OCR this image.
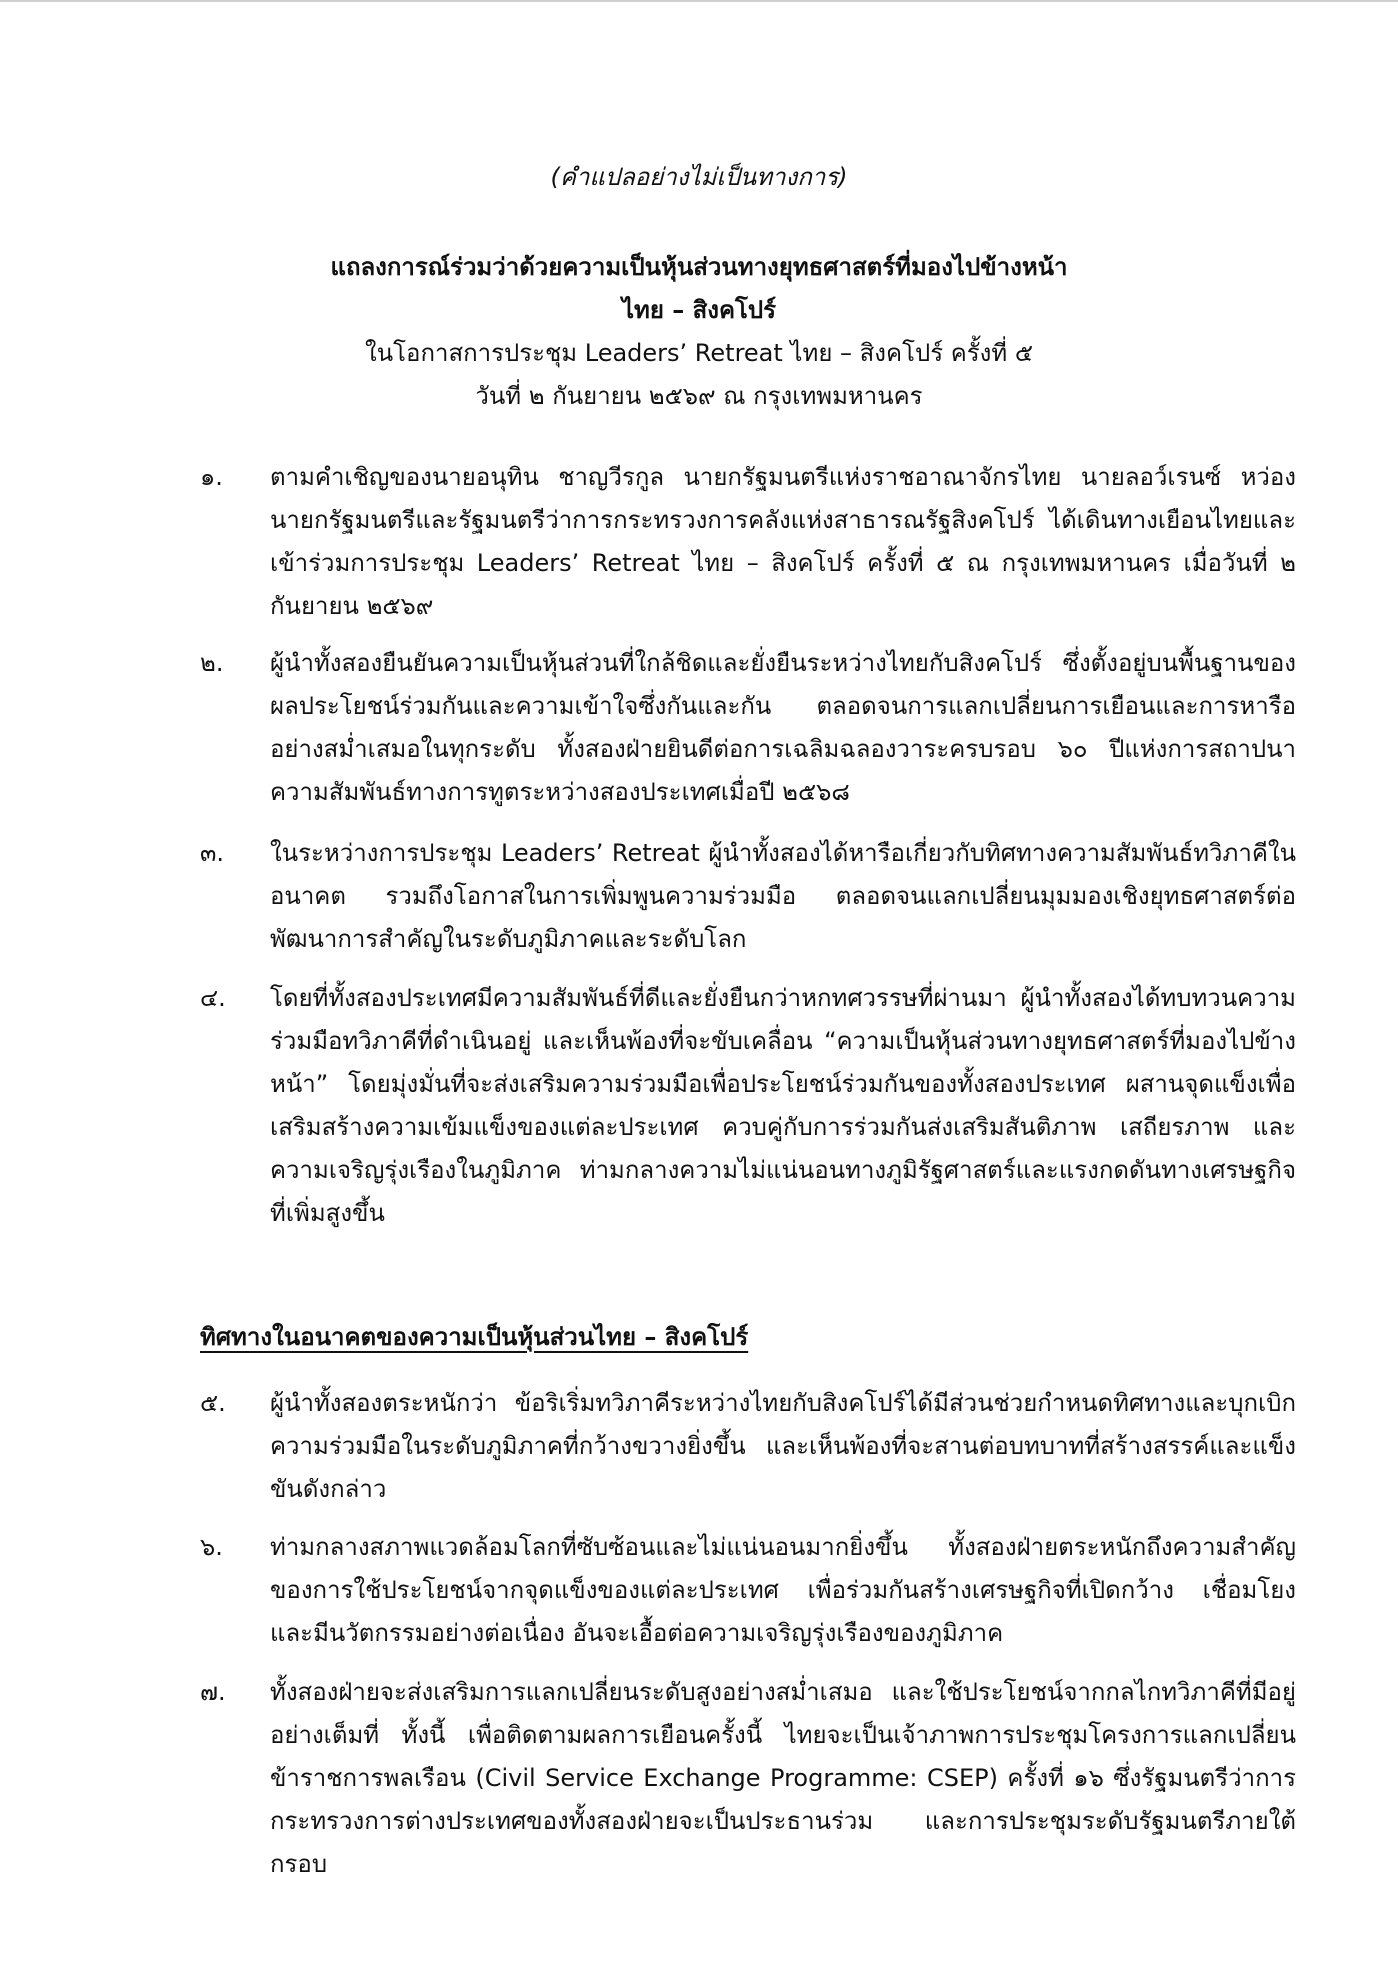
(คำแปลอย่างไม่เป็นทางการ)
แถลงการณ์ร่วมว่าด้วยความเป็นหุ้นส่วนทางยุทธศาสตร์ที่มองไปข้างหน้า
ไทย – สิงคโปร์
ในโอกาสการประชุม Leaders’ Retreat ไทย – สิงคโปร์ ครั้งที่ ๕
วันที่ ๒ กันยายน ๒๕๖๙ ณ กรุงเทพมหานคร
๑.	ตามคำเชิญของนายอนุทิน ชาญวีรกูล นายกรัฐมนตรีแห่งราชอาณาจักรไทย นายลอว์เรนซ์ หว่อง นายกรัฐมนตรีและรัฐมนตรีว่าการกระทรวงการคลังแห่งสาธารณรัฐสิงคโปร์ ได้เดินทางเยือนไทยและเข้าร่วมการประชุม Leaders’ Retreat ไทย – สิงคโปร์ ครั้งที่ ๕ ณ กรุงเทพมหานคร เมื่อวันที่ ๒ กันยายน ๒๕๖๙
๒.	ผู้นำทั้งสองยืนยันความเป็นหุ้นส่วนที่ใกล้ชิดและยั่งยืนระหว่างไทยกับสิงคโปร์ ซึ่งตั้งอยู่บนพื้นฐานของผลประโยชน์ร่วมกันและความเข้าใจซึ่งกันและกัน ตลอดจนการแลกเปลี่ยนการเยือนและการหารืออย่างสม่ำเสมอในทุกระดับ ทั้งสองฝ่ายยินดีต่อการเฉลิมฉลองวาระครบรอบ ๖๐ ปีแห่งการสถาปนาความสัมพันธ์ทางการทูตระหว่างสองประเทศเมื่อปี ๒๕๖๘
๓.	ในระหว่างการประชุม Leaders’ Retreat ผู้นำทั้งสองได้หารือเกี่ยวกับทิศทางความสัมพันธ์ทวิภาคีในอนาคต รวมถึงโอกาสในการเพิ่มพูนความร่วมมือ ตลอดจนแลกเปลี่ยนมุมมองเชิงยุทธศาสตร์ต่อพัฒนาการสำคัญในระดับภูมิภาคและระดับโลก
๔.	โดยที่ทั้งสองประเทศมีความสัมพันธ์ที่ดีและยั่งยืนกว่าหกทศวรรษที่ผ่านมา ผู้นำทั้งสองได้ทบทวนความร่วมมือทวิภาคีที่ดำเนินอยู่ และเห็นพ้องที่จะขับเคลื่อน “ความเป็นหุ้นส่วนทางยุทธศาสตร์ที่มองไปข้างหน้า” โดยมุ่งมั่นที่จะส่งเสริมความร่วมมือเพื่อประโยชน์ร่วมกันของทั้งสองประเทศ ผสานจุดแข็งเพื่อเสริมสร้างความเข้มแข็งของแต่ละประเทศ ควบคู่กับการร่วมกันส่งเสริมสันติภาพ เสถียรภาพ และความเจริญรุ่งเรืองในภูมิภาค ท่ามกลางความไม่แน่นอนทางภูมิรัฐศาสตร์และแรงกดดันทางเศรษฐกิจที่เพิ่มสูงขึ้น
ทิศทางในอนาคตของความเป็นหุ้นส่วนไทย – สิงคโปร์
๕.	ผู้นำทั้งสองตระหนักว่า ข้อริเริ่มทวิภาคีระหว่างไทยกับสิงคโปร์ได้มีส่วนช่วยกำหนดทิศทางและบุกเบิกความร่วมมือในระดับภูมิภาคที่กว้างขวางยิ่งขึ้น และเห็นพ้องที่จะสานต่อบทบาทที่สร้างสรรค์และแข็งขันดังกล่าว
๖.	ท่ามกลางสภาพแวดล้อมโลกที่ซับซ้อนและไม่แน่นอนมากยิ่งขึ้น ทั้งสองฝ่ายตระหนักถึงความสำคัญของการใช้ประโยชน์จากจุดแข็งของแต่ละประเทศ เพื่อร่วมกันสร้างเศรษฐกิจที่เปิดกว้าง เชื่อมโยง และมีนวัตกรรมอย่างต่อเนื่อง อันจะเอื้อต่อความเจริญรุ่งเรืองของภูมิภาค
๗.	ทั้งสองฝ่ายจะส่งเสริมการแลกเปลี่ยนระดับสูงอย่างสม่ำเสมอ และใช้ประโยชน์จากกลไกทวิภาคีที่มีอยู่อย่างเต็มที่ ทั้งนี้ เพื่อติดตามผลการเยือนครั้งนี้ ไทยจะเป็นเจ้าภาพการประชุมโครงการแลกเปลี่ยนข้าราชการพลเรือน (Civil Service Exchange Programme: CSEP) ครั้งที่ ๑๖ ซึ่งรัฐมนตรีว่าการกระทรวงการต่างประเทศของทั้งสองฝ่ายจะเป็นประธานร่วม และการประชุมระดับรัฐมนตรีภายใต้กรอบ
